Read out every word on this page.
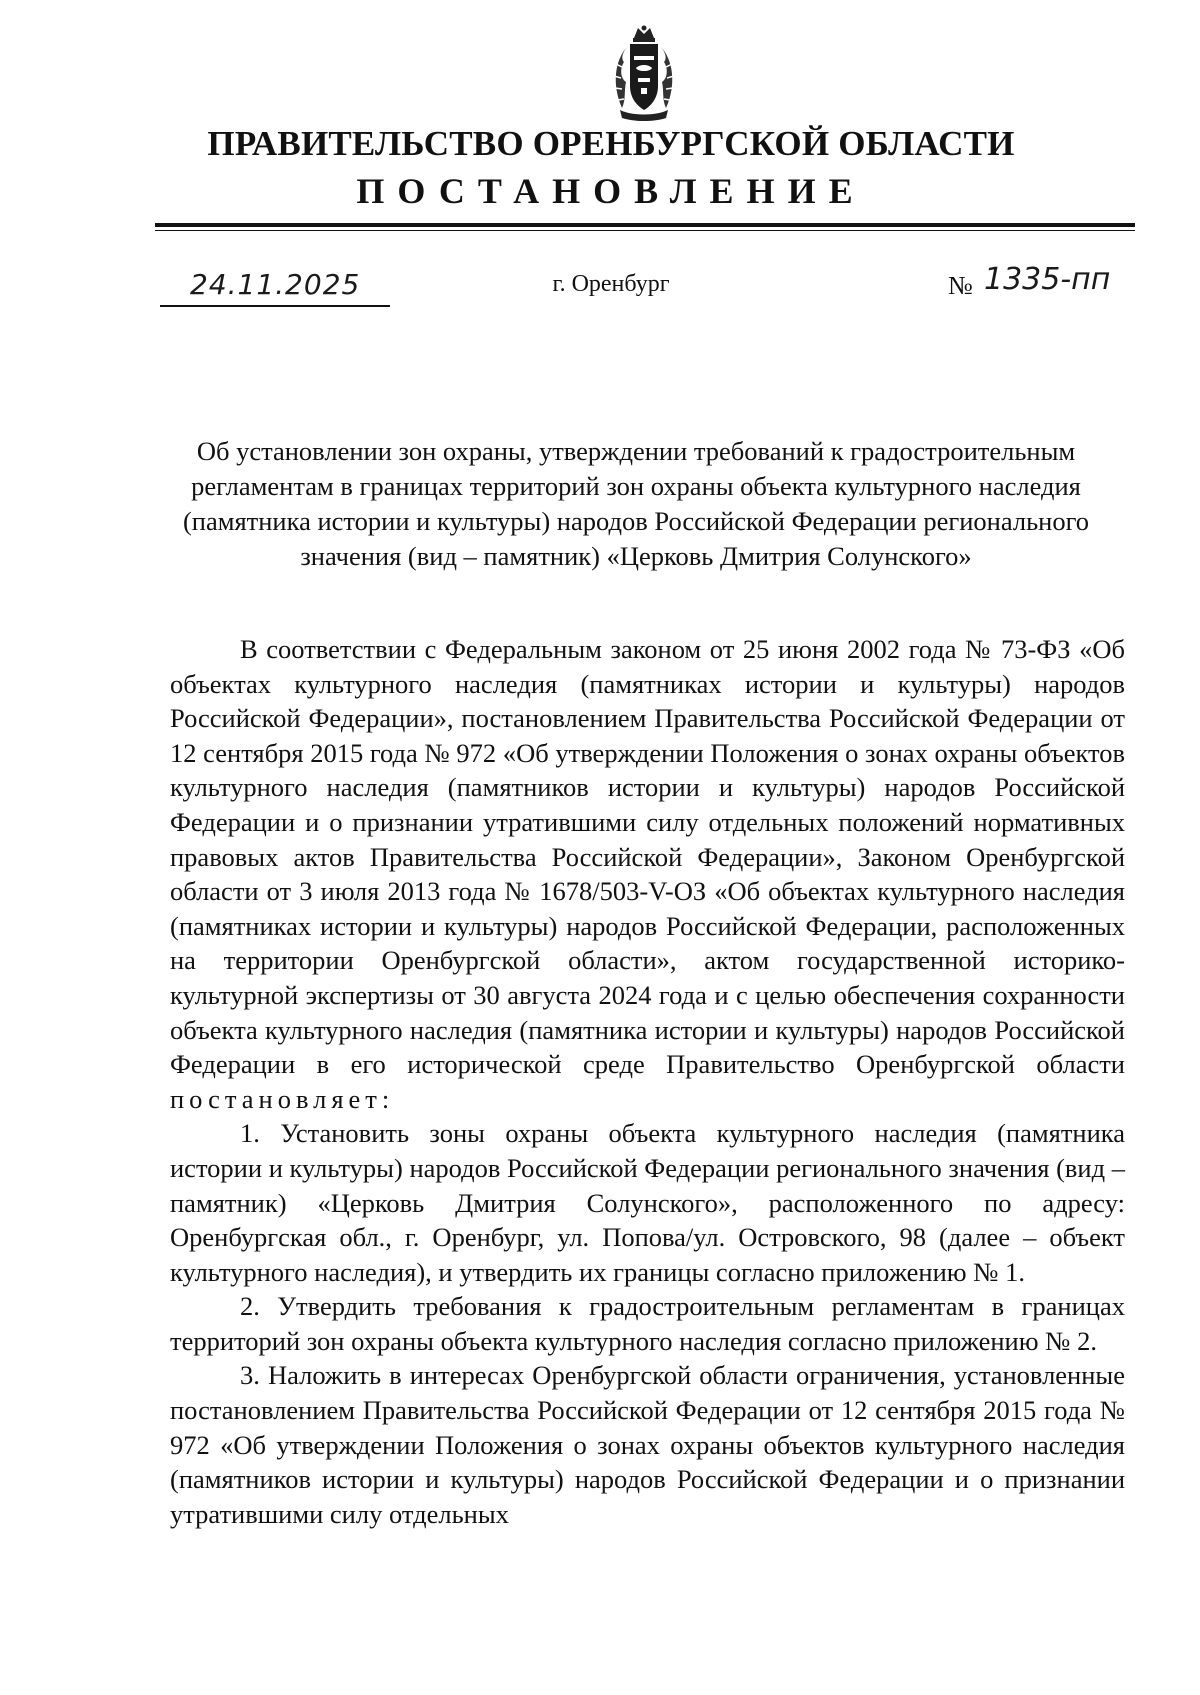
ПРАВИТЕЛЬСТВО ОРЕНБУРГСКОЙ ОБЛАСТИ
ПОСТАНОВЛЕНИЕ
24.11.2025	г. Оренбург	№ 1335-пп
Об установлении зон охраны, утверждении требований к градостроительным регламентам в границах территорий зон охраны объекта культурного наследия (памятника истории и культуры) народов Российской Федерации регионального значения (вид – памятник) «Церковь Дмитрия Солунского»

В соответствии с Федеральным законом от 25 июня 2002 года № 73-ФЗ «Об объектах культурного наследия (памятниках истории и культуры) народов Российской Федерации», постановлением Правительства Российской Федерации от 12 сентября 2015 года № 972 «Об утверждении Положения о зонах охраны объектов культурного наследия (памятников истории и культуры) народов Российской Федерации и о признании утратившими силу отдельных положений нормативных правовых актов Правительства Российской Федерации», Законом Оренбургской области от 3 июля 2013 года № 1678/503-V-ОЗ «Об объектах культурного наследия (памятниках истории и культуры) народов Российской Федерации, расположенных на территории Оренбургской области», актом государственной историко-культурной экспертизы от 30 августа 2024 года и с целью обеспечения сохранности объекта культурного наследия (памятника истории и культуры) народов Российской Федерации в его исторической среде Правительство Оренбургской области постановляет:

1. Установить зоны охраны объекта культурного наследия (памятника истории и культуры) народов Российской Федерации регионального значения (вид – памятник) «Церковь Дмитрия Солунского», расположенного по адресу: Оренбургская обл., г. Оренбург, ул. Попова/ул. Островского, 98 (далее – объект культурного наследия), и утвердить их границы согласно приложению № 1.

2. Утвердить требования к градостроительным регламентам в границах территорий зон охраны объекта культурного наследия согласно приложению № 2.

3. Наложить в интересах Оренбургской области ограничения, установленные постановлением Правительства Российской Федерации от 12 сентября 2015 года № 972 «Об утверждении Положения о зонах охраны объектов культурного наследия (памятников истории и культуры) народов Российской Федерации и о признании утратившими силу отдельных
